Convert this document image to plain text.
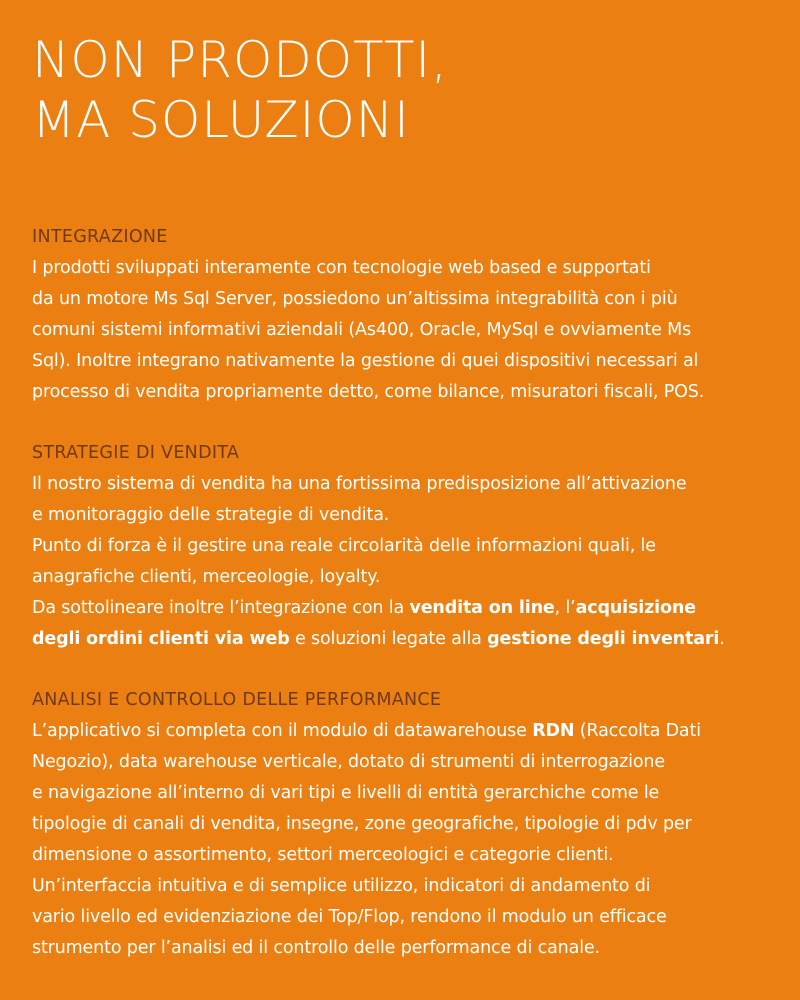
NON PRODOTTI,
MA SOLUZIONI
INTEGRAZIONE

I prodotti sviluppati interamente con tecnologie web based e supportati
da un motore Ms Sql Server, possiedono un’altissima integrabilità con i più
comuni sistemi informativi aziendali (As400, Oracle, MySql e ovviamente Ms
Sql). Inoltre integrano nativamente la gestione di quei dispositivi necessari al
processo di vendita propriamente detto, come bilance, misuratori fiscali, POS.

STRATEGIE DI VENDITA

Il nostro sistema di vendita ha una fortissima predisposizione all’attivazione
e monitoraggio delle strategie di vendita.
Punto di forza è il gestire una reale circolarità delle informazioni quali, le
anagrafiche clienti, merceologie, loyalty.
Da sottolineare inoltre l’integrazione con la vendita on line, l’acquisizione
degli ordini clienti via web e soluzioni legate alla gestione degli inventari.

ANALISI E CONTROLLO DELLE PERFORMANCE

L’applicativo si completa con il modulo di datawarehouse RDN (Raccolta Dati
Negozio), data warehouse verticale, dotato di strumenti di interrogazione
e navigazione all’interno di vari tipi e livelli di entità gerarchiche come le
tipologie di canali di vendita, insegne, zone geografiche, tipologie di pdv per
dimensione o assortimento, settori merceologici e categorie clienti.
Un’interfaccia intuitiva e di semplice utilizzo, indicatori di andamento di
vario livello ed evidenziazione dei Top/Flop, rendono il modulo un efficace
strumento per l’analisi ed il controllo delle performance di canale.
